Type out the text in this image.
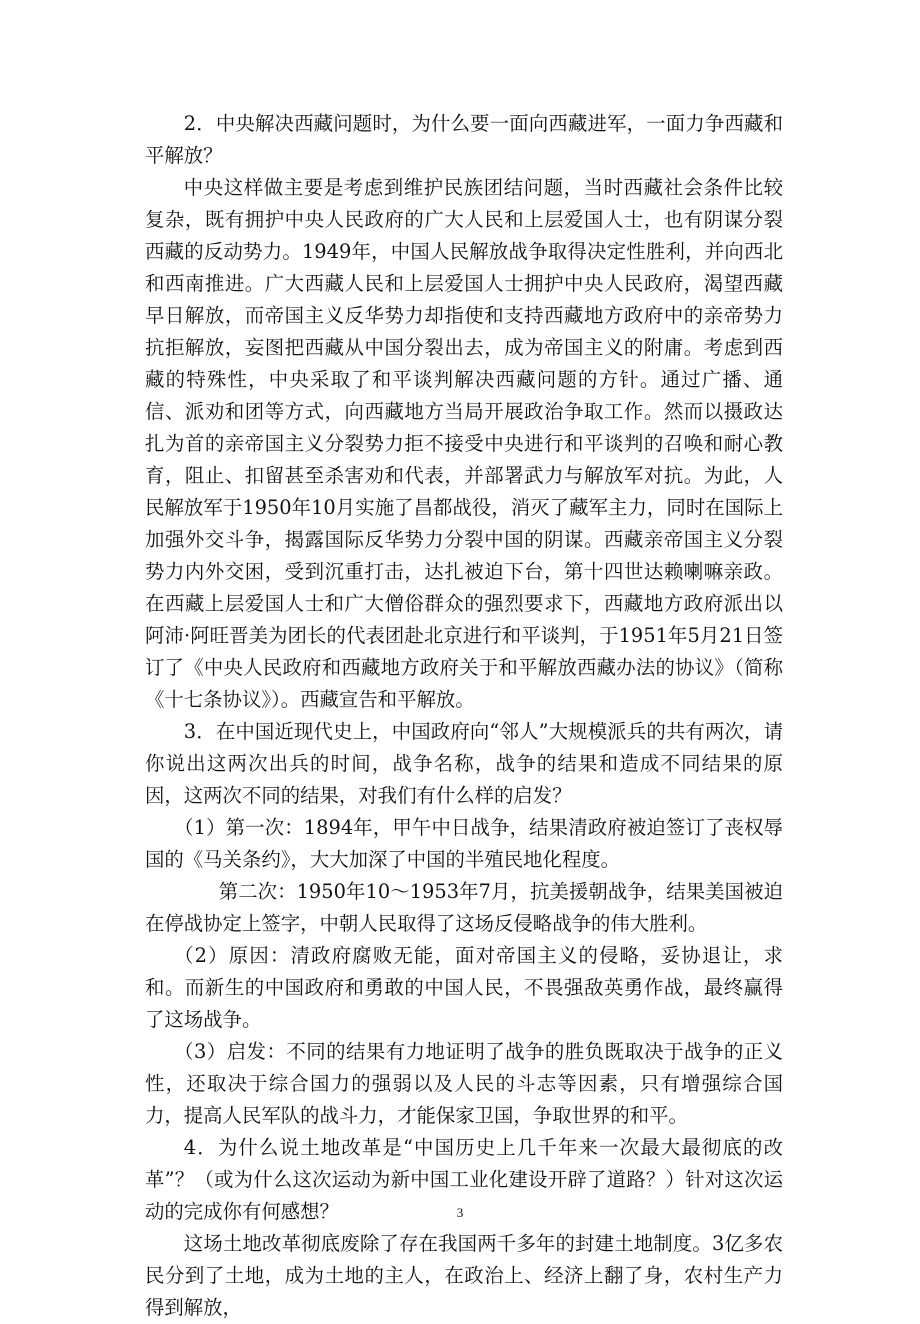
2．中央解决西藏问题时，为什么要一面向西藏进军，一面力争西藏和平解放？

中央这样做主要是考虑到维护民族团结问题，当时西藏社会条件比较复杂，既有拥护中央人民政府的广大人民和上层爱国人士，也有阴谋分裂西藏的反动势力。1949年，中国人民解放战争取得决定性胜利，并向西北和西南推进。广大西藏人民和上层爱国人士拥护中央人民政府，渴望西藏早日解放，而帝国主义反华势力却指使和支持西藏地方政府中的亲帝势力抗拒解放，妄图把西藏从中国分裂出去，成为帝国主义的附庸。考虑到西藏的特殊性，中央采取了和平谈判解决西藏问题的方针。通过广播、通信、派劝和团等方式，向西藏地方当局开展政治争取工作。然而以摄政达扎为首的亲帝国主义分裂势力拒不接受中央进行和平谈判的召唤和耐心教育，阻止、扣留甚至杀害劝和代表，并部署武力与解放军对抗。为此，人民解放军于1950年10月实施了昌都战役，消灭了藏军主力，同时在国际上加强外交斗争，揭露国际反华势力分裂中国的阴谋。西藏亲帝国主义分裂势力内外交困，受到沉重打击，达扎被迫下台，第十四世达赖喇嘛亲政。在西藏上层爱国人士和广大僧俗群众的强烈要求下，西藏地方政府派出以阿沛·阿旺晋美为团长的代表团赴北京进行和平谈判，于1951年5月21日签订了《中央人民政府和西藏地方政府关于和平解放西藏办法的协议》（简称《十七条协议》）。西藏宣告和平解放。

3．在中国近现代史上，中国政府向“邻人”大规模派兵的共有两次，请你说出这两次出兵的时间，战争名称，战争的结果和造成不同结果的原因，这两次不同的结果，对我们有什么样的启发？

（1）第一次：1894年，甲午中日战争，结果清政府被迫签订了丧权辱国的《马关条约》，大大加深了中国的半殖民地化程度。

第二次：1950年10～1953年7月，抗美援朝战争，结果美国被迫在停战协定上签字，中朝人民取得了这场反侵略战争的伟大胜利。

（2）原因：清政府腐败无能，面对帝国主义的侵略，妥协退让，求和。而新生的中国政府和勇敢的中国人民，不畏强敌英勇作战，最终赢得了这场战争。

（3）启发：不同的结果有力地证明了战争的胜负既取决于战争的正义性，还取决于综合国力的强弱以及人民的斗志等因素，只有增强综合国力，提高人民军队的战斗力，才能保家卫国，争取世界的和平。

4．为什么说土地改革是“中国历史上几千年来一次最大最彻底的改革”？（或为什么这次运动为新中国工业化建设开辟了道路？）针对这次运动的完成你有何感想？

这场土地改革彻底废除了存在我国两千多年的封建土地制度。3亿多农民分到了土地，成为土地的主人，在政治上、经济上翻了身，农村生产力得到解放，

3
